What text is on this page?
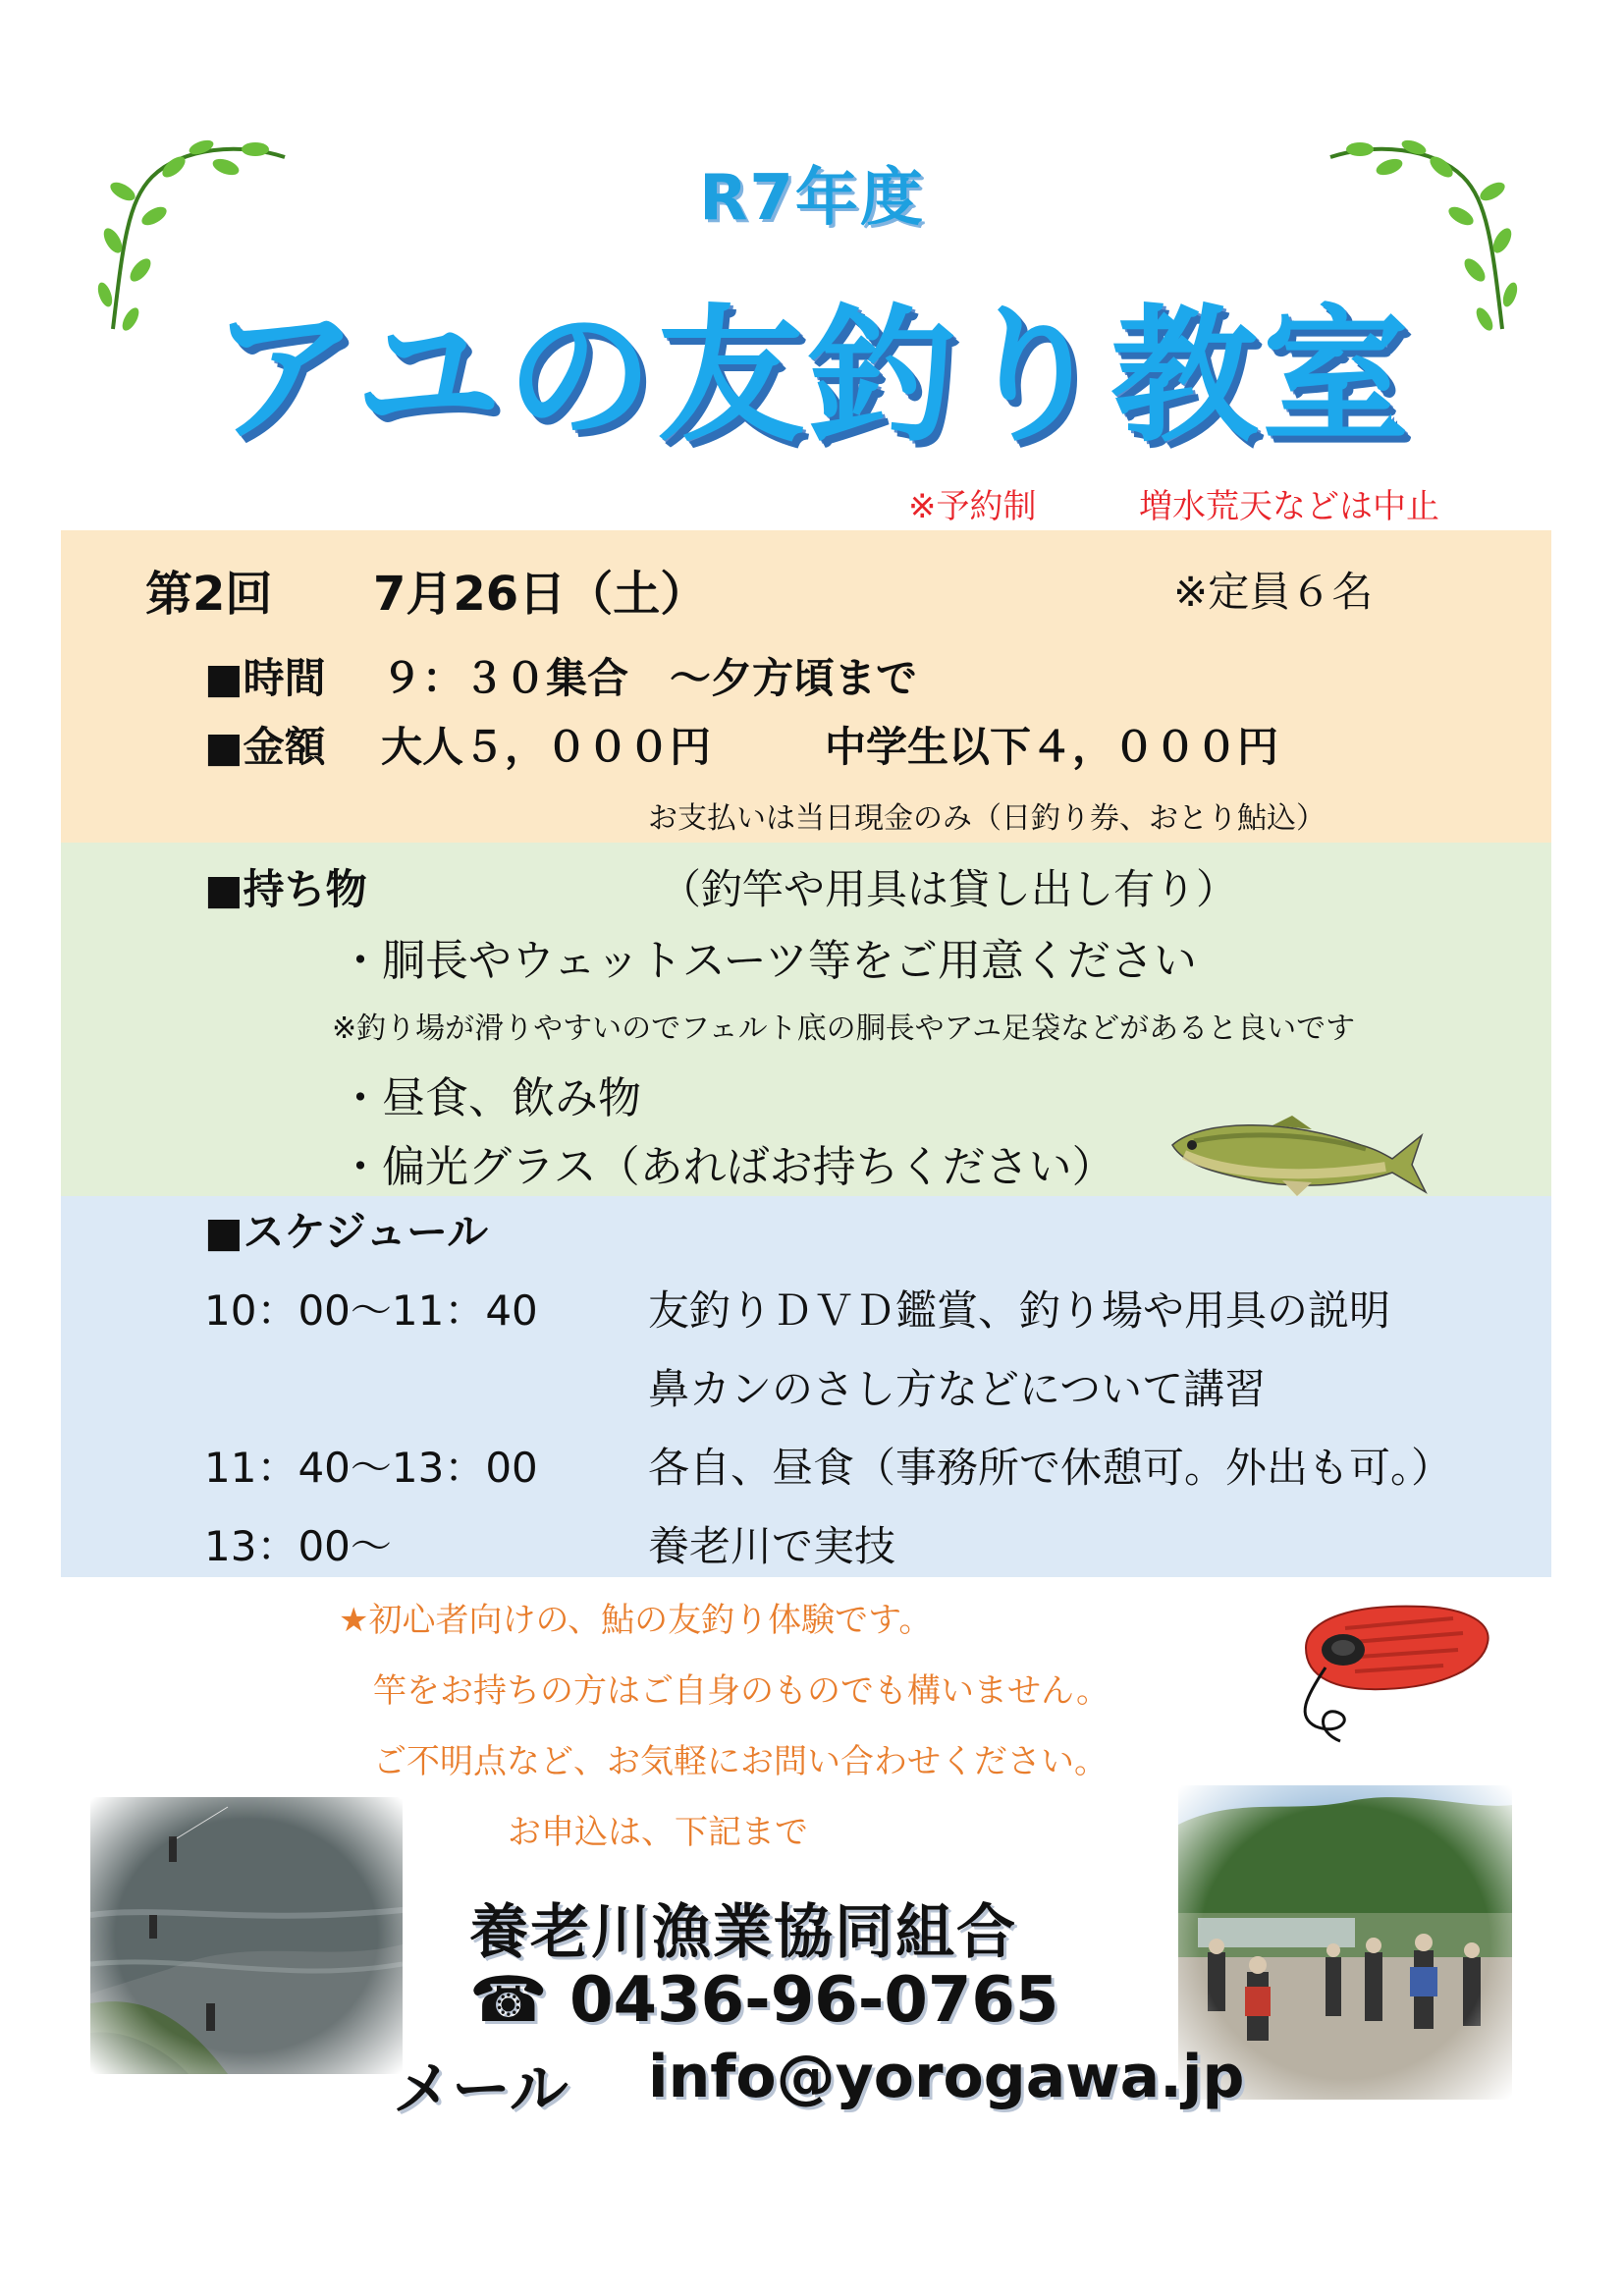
R7年度
アユの友釣り教室
※予約制	増水荒天などは中止
第2回 7月26日（土）	※定員６名
■時間 ９：３０集合　～夕方頃まで
■金額 大人５，０００円	中学生以下４，０００円
お支払いは当日現金のみ（日釣り券、おとり鮎込）
■持ち物	（釣竿や用具は貸し出し有り）
・胴長やウェットスーツ等をご用意ください
※釣り場が滑りやすいのでフェルト底の胴長やアユ足袋などがあると良いです
・昼食、飲み物
・偏光グラス（あればお持ちください）
■スケジュール
10：00～11：40	友釣りＤＶＤ鑑賞、釣り場や用具の説明
鼻カンのさし方などについて講習
11：40～13：00	各自、昼食（事務所で休憩可。外出も可。）
13：00～	養老川で実技
★初心者向けの、鮎の友釣り体験です。
竿をお持ちの方はご自身のものでも構いません。
ご不明点など、お気軽にお問い合わせください。
お申込は、下記まで
養老川漁業協同組合
☎ 0436-96-0765
メール info@yorogawa.jp
